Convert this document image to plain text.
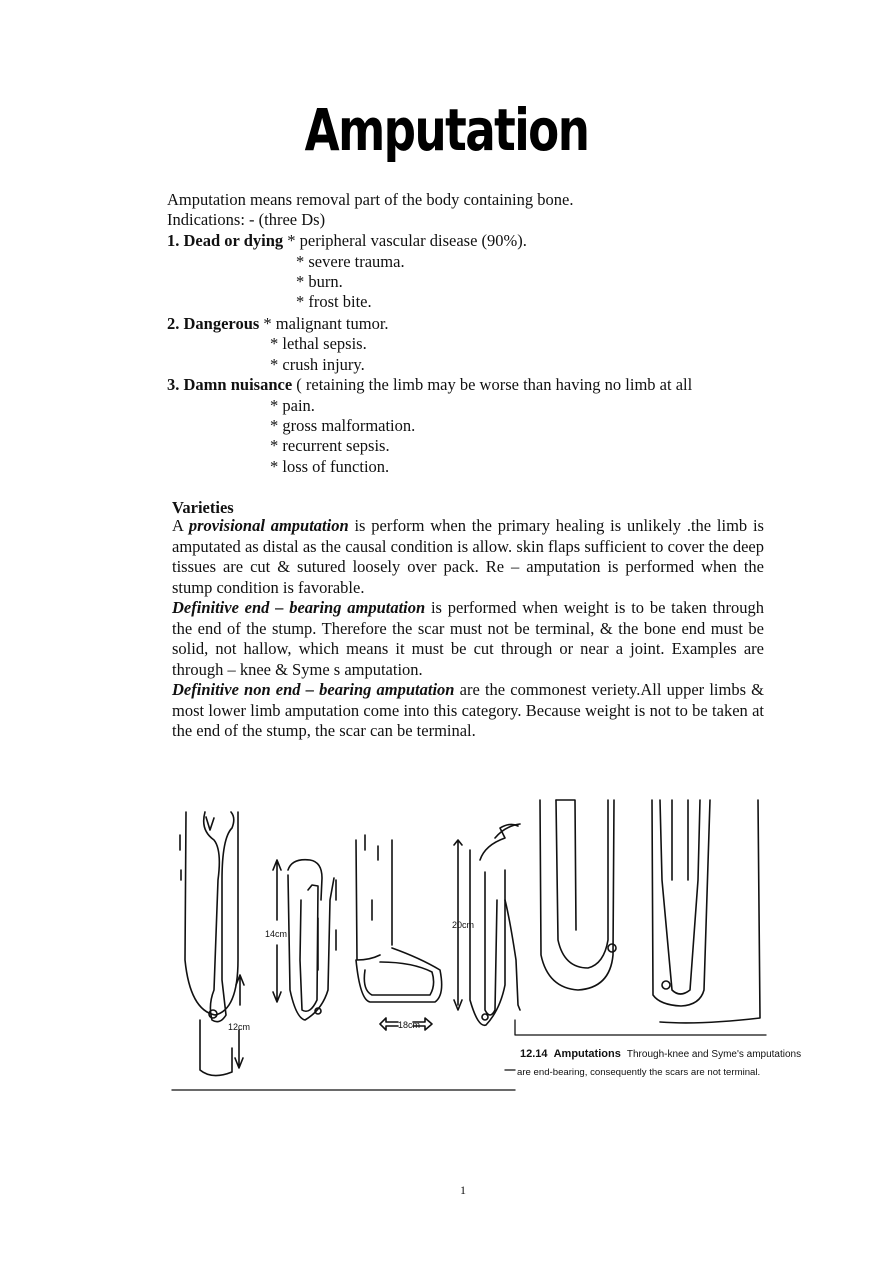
Amputation
Amputation means removal part of the body containing bone.
Indications: - (three Ds)
1. Dead or dying * peripheral vascular disease (90%).
* severe trauma.
* burn.
* frost bite.
2. Dangerous * malignant tumor.
* lethal sepsis.
* crush injury.
3. Damn nuisance ( retaining the limb may be worse than having no limb at all
* pain.
* gross malformation.
* recurrent sepsis.
* loss of function.
Varieties
A provisional amputation is perform when the primary healing is unlikely .the limb is amputated as distal as the causal condition is allow. skin flaps sufficient to cover the deep tissues are cut & sutured loosely over pack. Re – amputation is performed when the stump condition is favorable.
Definitive end – bearing amputation is performed when weight is to be taken through the end of the stump. Therefore the scar must not be terminal, & the bone end must be solid, not hallow, which means it must be cut through or near a joint. Examples are through – knee & Syme s amputation.
Definitive non end – bearing amputation are the commonest veriety.All upper limbs & most lower limb amputation come into this category. Because weight is not to be taken at the end of the stump, the scar can be terminal.
12cm
14cm
18cm
20cm
12.14 Amputations Through-knee and Syme's amputations
are end-bearing, consequently the scars are not terminal.
1
